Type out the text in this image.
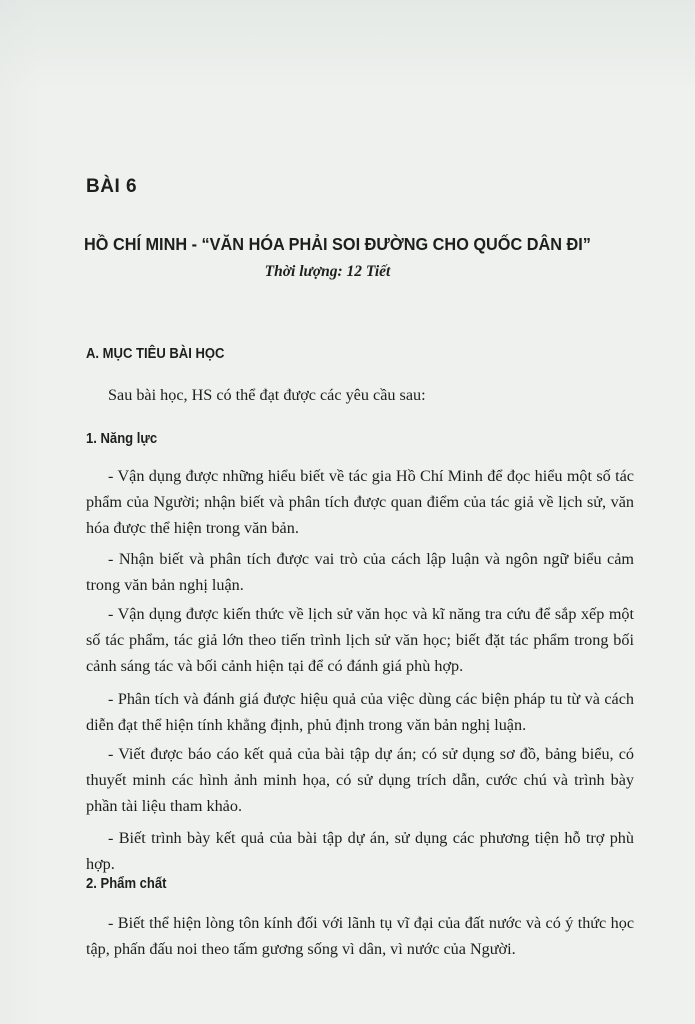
BÀI 6
HỒ CHÍ MINH - “VĂN HÓA PHẢI SOI ĐƯỜNG CHO QUỐC DÂN ĐI”
Thời lượng: 12 Tiết
A. MỤC TIÊU BÀI HỌC
Sau bài học, HS có thể đạt được các yêu cầu sau:
1. Năng lực
- Vận dụng được những hiểu biết về tác gia Hồ Chí Minh để đọc hiểu một số tác phẩm của Người; nhận biết và phân tích được quan điểm của tác giả về lịch sử, văn hóa được thể hiện trong văn bản.
- Nhận biết và phân tích được vai trò của cách lập luận và ngôn ngữ biểu cảm trong văn bản nghị luận.
- Vận dụng được kiến thức về lịch sử văn học và kĩ năng tra cứu để sắp xếp một số tác phẩm, tác giả lớn theo tiến trình lịch sử văn học; biết đặt tác phẩm trong bối cảnh sáng tác và bối cảnh hiện tại để có đánh giá phù hợp.
- Phân tích và đánh giá được hiệu quả của việc dùng các biện pháp tu từ và cách diễn đạt thể hiện tính khẳng định, phủ định trong văn bản nghị luận.
- Viết được báo cáo kết quả của bài tập dự án; có sử dụng sơ đồ, bảng biểu, có thuyết minh các hình ảnh minh họa, có sử dụng trích dẫn, cước chú và trình bày phần tài liệu tham khảo.
- Biết trình bày kết quả của bài tập dự án, sử dụng các phương tiện hỗ trợ phù hợp.
2. Phẩm chất
- Biết thể hiện lòng tôn kính đối với lãnh tụ vĩ đại của đất nước và có ý thức học tập, phấn đấu noi theo tấm gương sống vì dân, vì nước của Người.
